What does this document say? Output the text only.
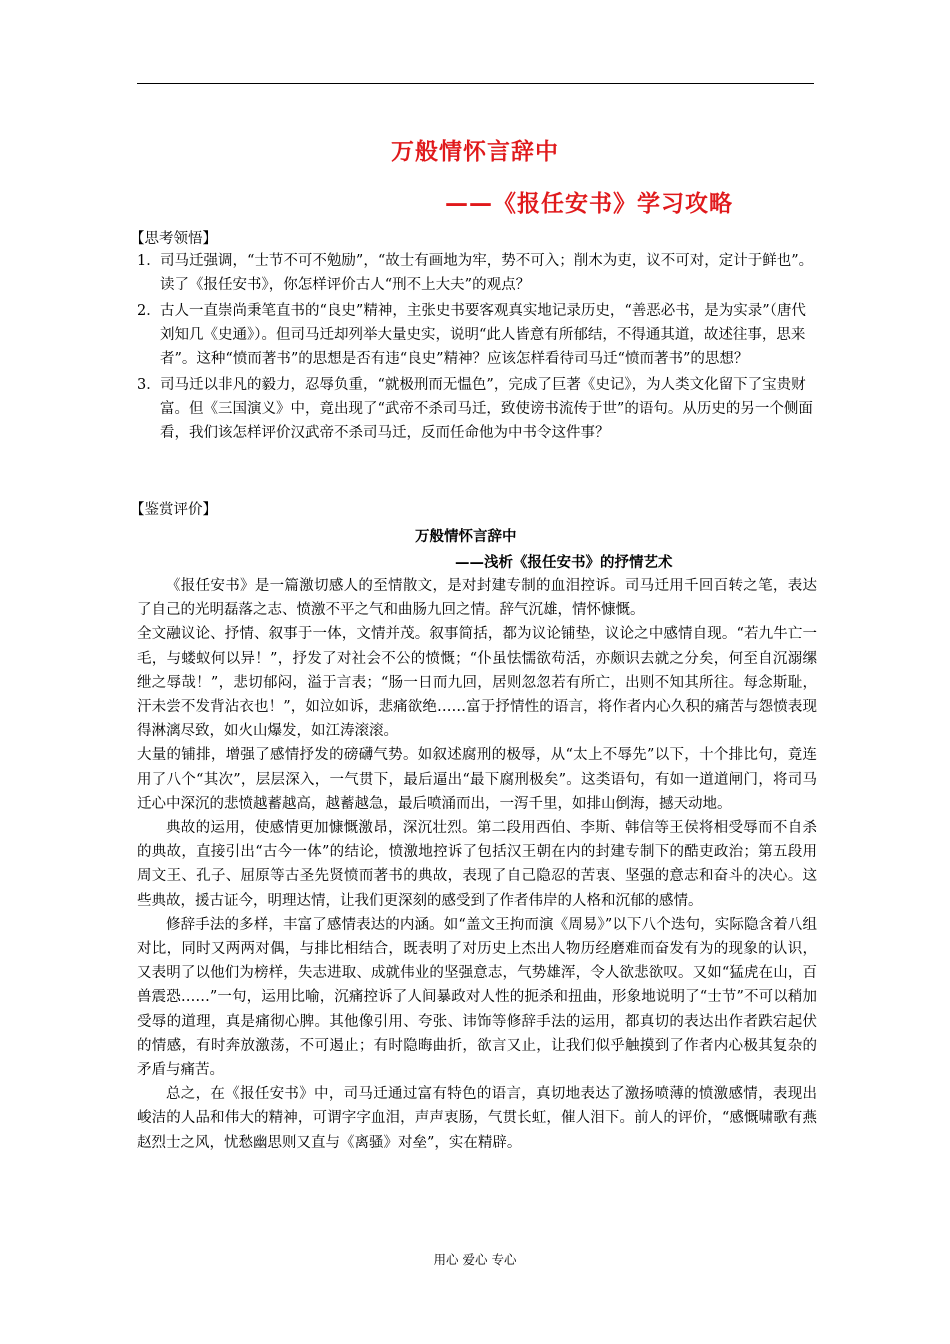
万般情怀言辞中
——《报任安书》学习攻略
【思考领悟】
1． 司马迁强调，“士节不可不勉励”，“故士有画地为牢，势不可入；削木为吏，议不可对，定计于鲜也”。读了《报任安书》，你怎样评价古人“刑不上大夫”的观点？
2． 古人一直崇尚秉笔直书的“良史”精神，主张史书要客观真实地记录历史，“善恶必书，是为实录”（唐代刘知几《史通》）。但司马迁却列举大量史实，说明“此人皆意有所郁结，不得通其道，故述往事，思来者”。这种“愤而著书”的思想是否有违“良史”精神？应该怎样看待司马迁“愤而著书”的思想？
3． 司马迁以非凡的毅力，忍辱负重，“就极刑而无愠色”，完成了巨著《史记》，为人类文化留下了宝贵财富。但《三国演义》中，竟出现了“武帝不杀司马迁，致使谤书流传于世”的语句。从历史的另一个侧面看，我们该怎样评价汉武帝不杀司马迁，反而任命他为中书令这件事？
【鉴赏评价】
万般情怀言辞中
——浅析《报任安书》的抒情艺术

《报任安书》是一篇激切感人的至情散文，是对封建专制的血泪控诉。司马迁用千回百转之笔，表达了自己的光明磊落之志、愤激不平之气和曲肠九回之情。辞气沉雄，情怀慷慨。

全文融议论、抒情、叙事于一体，文情并茂。叙事简括，都为议论铺垫，议论之中感情自现。“若九牛亡一毛，与蝼蚁何以异！”，抒发了对社会不公的愤慨；“仆虽怯懦欲苟活，亦颇识去就之分矣，何至自沉溺缧绁之辱哉！”，悲切郁闷，溢于言表；“肠一日而九回，居则忽忽若有所亡，出则不知其所往。每念斯耻，汗未尝不发背沾衣也！”，如泣如诉，悲痛欲绝……富于抒情性的语言，将作者内心久积的痛苦与怨愤表现得淋漓尽致，如火山爆发，如江涛滚滚。

大量的铺排，增强了感情抒发的磅礴气势。如叙述腐刑的极辱，从“太上不辱先”以下，十个排比句，竟连用了八个“其次”，层层深入，一气贯下，最后逼出“最下腐刑极矣”。这类语句，有如一道道闸门，将司马迁心中深沉的悲愤越蓄越高，越蓄越急，最后喷涌而出，一泻千里，如排山倒海，撼天动地。

典故的运用，使感情更加慷慨激昂，深沉壮烈。第二段用西伯、李斯、韩信等王侯将相受辱而不自杀的典故，直接引出“古今一体”的结论，愤激地控诉了包括汉王朝在内的封建专制下的酷吏政治；第五段用周文王、孔子、屈原等古圣先贤愤而著书的典故，表现了自己隐忍的苦衷、坚强的意志和奋斗的决心。这些典故，援古证今，明理达情，让我们更深刻的感受到了作者伟岸的人格和沉郁的感情。

修辞手法的多样，丰富了感情表达的内涵。如“盖文王拘而演《周易》”以下八个迭句，实际隐含着八组对比，同时又两两对偶，与排比相结合，既表明了对历史上杰出人物历经磨难而奋发有为的现象的认识，又表明了以他们为榜样，失志进取、成就伟业的坚强意志，气势雄浑，令人欲悲欲叹。又如“猛虎在山，百兽震恐……”一句，运用比喻，沉痛控诉了人间暴政对人性的扼杀和扭曲，形象地说明了“士节”不可以稍加受辱的道理，真是痛彻心脾。其他像引用、夸张、讳饰等修辞手法的运用，都真切的表达出作者跌宕起伏的情感，有时奔放激荡，不可遏止；有时隐晦曲折，欲言又止，让我们似乎触摸到了作者内心极其复杂的矛盾与痛苦。

总之，在《报任安书》中，司马迁通过富有特色的语言，真切地表达了激扬喷薄的愤激感情，表现出峻洁的人品和伟大的精神，可谓字字血泪，声声衷肠，气贯长虹，催人泪下。前人的评价，“感慨啸歌有燕赵烈士之风，忧愁幽思则又直与《离骚》对垒”，实在精辟。

用心 爱心 专心
